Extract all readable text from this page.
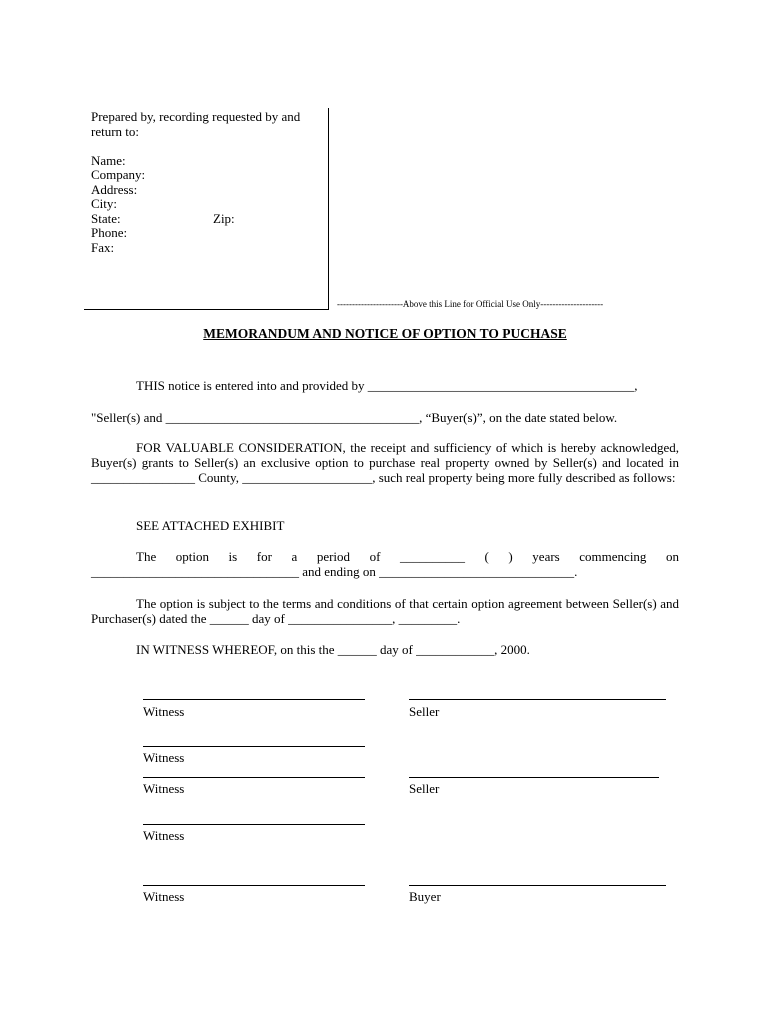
Prepared by, recording requested by and
return to:
Name:
Company:
Address:
City:
State:	Zip:
Phone:
Fax:
----------------------Above this Line for Official Use Only---------------------
MEMORANDUM AND NOTICE OF OPTION TO PUCHASE
THIS notice is entered into and provided by _________________________________________,
"Seller(s) and _______________________________________, “Buyer(s)”, on the date stated below.
FOR VALUABLE CONSIDERATION, the receipt and sufficiency of which is hereby acknowledged, Buyer(s) grants to Seller(s) an exclusive option to purchase real property owned by Seller(s) and located in ________________ County, ____________________, such real property being more fully described as follows:
SEE ATTACHED EXHIBIT
The option is for a period of __________ ( ) years commencing on ________________________________ and ending on ______________________________.
The option is subject to the terms and conditions of that certain option agreement between Seller(s) and Purchaser(s) dated the ______ day of ________________, _________.
IN WITNESS WHEREOF, on this the ______ day of ____________, 2000.
Witness	Seller
Witness
Witness	Seller
Witness
Witness	Buyer
